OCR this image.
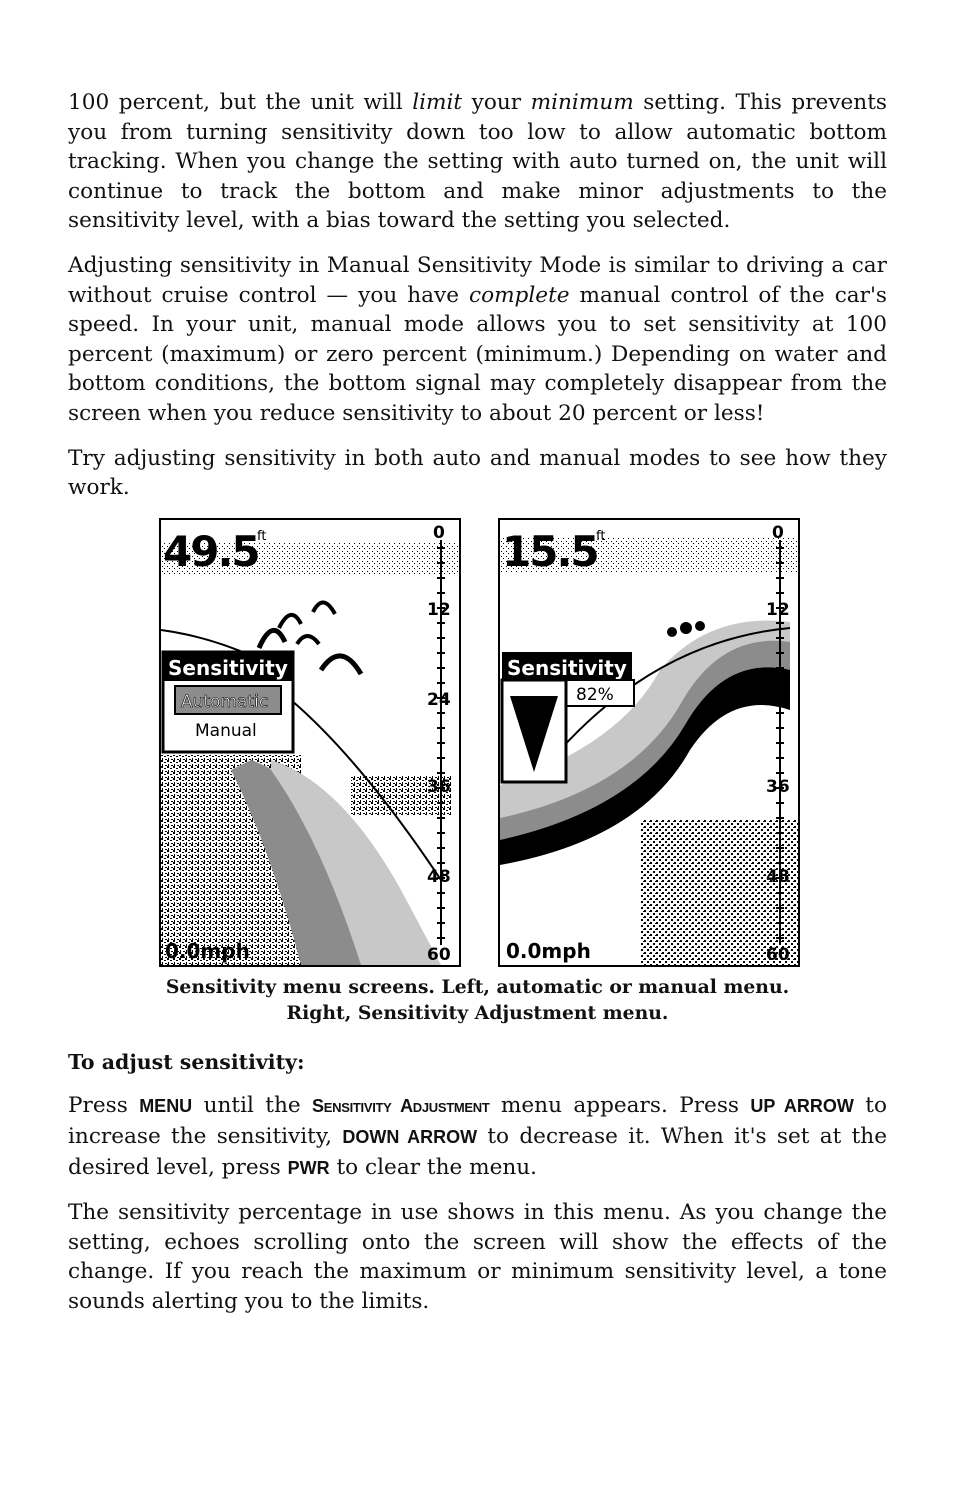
100 percent, but the unit will limit your minimum setting. This prevents you from turning sensitivity down too low to allow automatic bottom tracking. When you change the setting with auto turned on, the unit will continue to track the bottom and make minor adjustments to the sensitivity level, with a bias toward the setting you selected.

Adjusting sensitivity in Manual Sensitivity Mode is similar to driving a car without cruise control — you have complete manual control of the car's speed. In your unit, manual mode allows you to set sensitivity at 100 percent (maximum) or zero percent (minimum.) Depending on water and bottom conditions, the bottom signal may completely disappear from the screen when you reduce sensitivity to about 20 percent or less!

Try adjusting sensitivity in both auto and manual modes to see how they work.

49.5
ft	0
12
24
36
48
60
0.0mph
Sensitivity
Automatic
Manual
15.5
ft	0
12
24
36
48
60
0.0mph
Sensitivity
82%
Sensitivity menu screens. Left, automatic or manual menu.
Right, Sensitivity Adjustment menu.

To adjust sensitivity:

Press MENU until the Sensitivity Adjustment menu appears. Press UP ARROW to increase the sensitivity, DOWN ARROW to decrease it. When it's set at the desired level, press PWR to clear the menu.

The sensitivity percentage in use shows in this menu. As you change the setting, echoes scrolling onto the screen will show the effects of the change. If you reach the maximum or minimum sensitivity level, a tone sounds alerting you to the limits.
